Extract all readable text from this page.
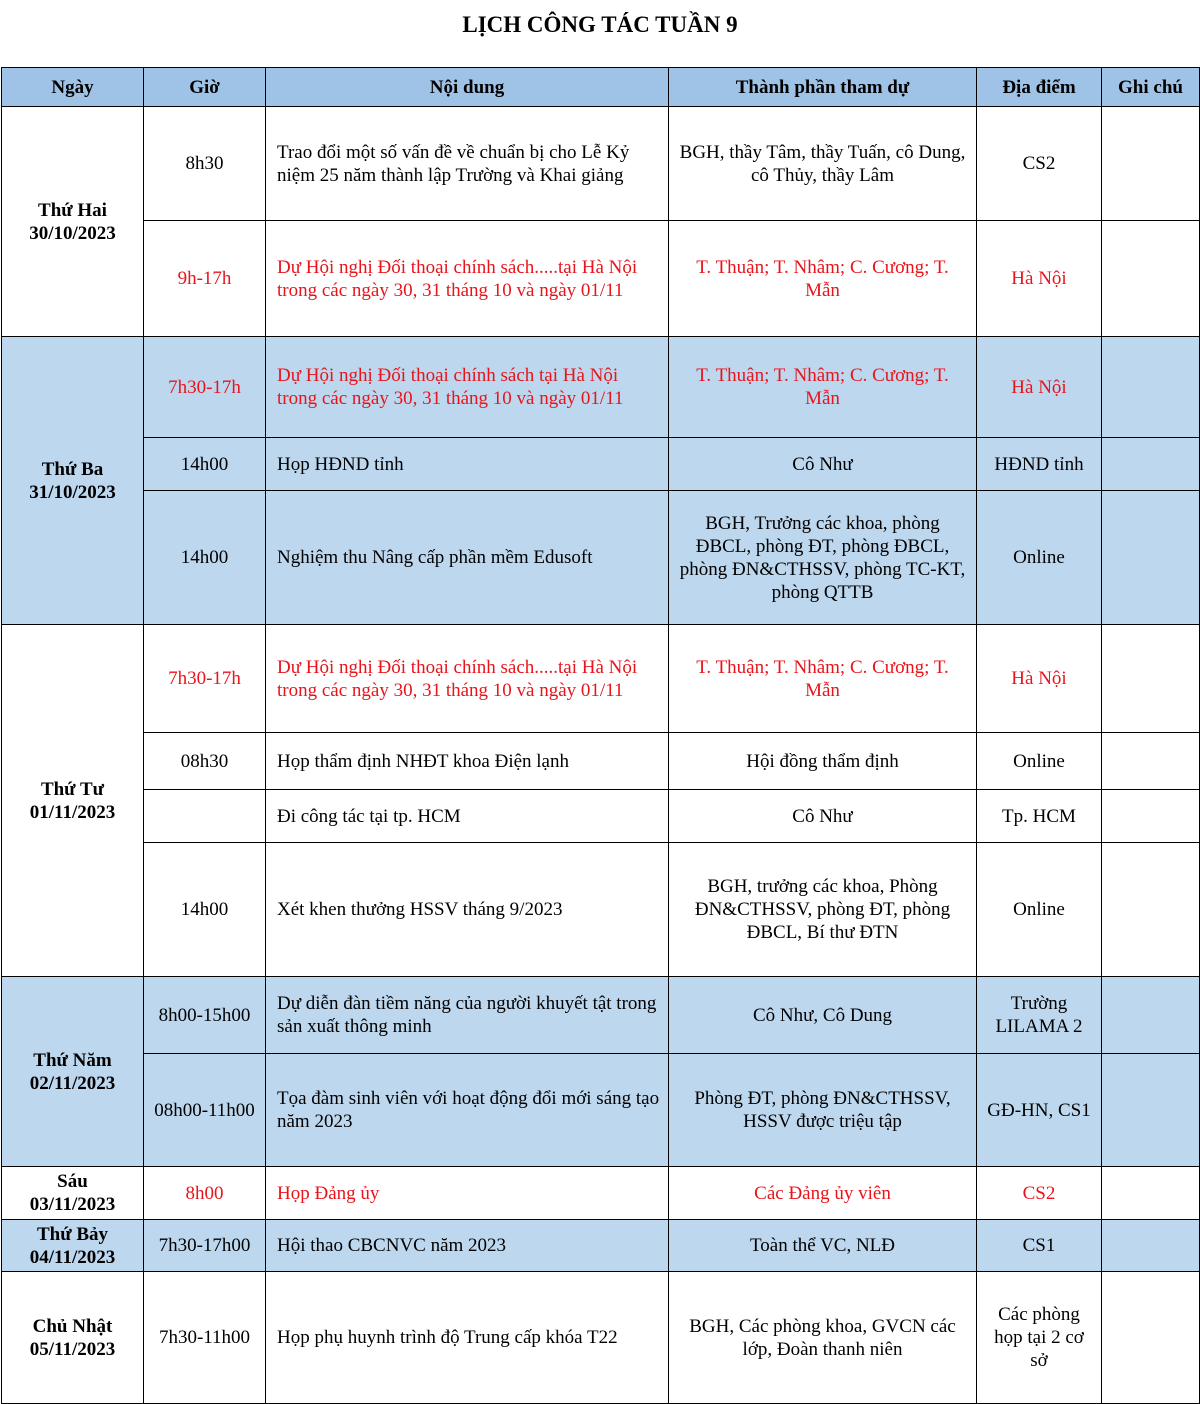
LỊCH CÔNG TÁC TUẦN 9
Ngày	Giờ	Nội dung	Thành phần tham dự	Địa điểm	Ghi chú

Thứ Hai
30/10/2023	8h30	Trao đổi một số vấn đề về chuẩn bị cho Lễ Kỷ niệm 25 năm thành lập Trường và Khai giảng	BGH, thầy Tâm, thầy Tuấn, cô Dung, cô Thủy, thầy Lâm	CS2	
	9h-17h	Dự Hội nghị Đối thoại chính sách.....tại Hà Nội trong các ngày 30, 31 tháng 10 và ngày 01/11	T. Thuận; T. Nhâm; C. Cương; T. Mẫn	Hà Nội	

Thứ Ba
31/10/2023	7h30-17h	Dự Hội nghị Đối thoại chính sách tại Hà Nội trong các ngày 30, 31 tháng 10 và ngày 01/11	T. Thuận; T. Nhâm; C. Cương; T. Mẫn	Hà Nội	
	14h00	Họp HĐND tỉnh	Cô Như	HĐND tỉnh	
	14h00	Nghiệm thu Nâng cấp phần mềm Edusoft	BGH, Trưởng các khoa, phòng ĐBCL, phòng ĐT, phòng ĐBCL, phòng ĐN&CTHSSV, phòng TC-KT, phòng QTTB	Online	

Thứ Tư
01/11/2023	7h30-17h	Dự Hội nghị Đối thoại chính sách.....tại Hà Nội trong các ngày 30, 31 tháng 10 và ngày 01/11	T. Thuận; T. Nhâm; C. Cương; T. Mẫn	Hà Nội	
	08h30	Họp thẩm định NHĐT khoa Điện lạnh	Hội đồng thẩm định	Online	
		Đi công tác tại tp. HCM	Cô Như	Tp. HCM	
	14h00	Xét khen thưởng HSSV tháng 9/2023	BGH, trưởng các khoa, Phòng ĐN&CTHSSV, phòng ĐT, phòng ĐBCL, Bí thư ĐTN	Online	

Thứ Năm
02/11/2023	8h00-15h00	Dự diễn đàn tiềm năng của người khuyết tật trong sản xuất thông minh	Cô Như, Cô Dung	Trường LILAMA 2	
	08h00-11h00	Tọa đàm sinh viên với hoạt động đổi mới sáng tạo năm 2023	Phòng ĐT, phòng ĐN&CTHSSV, HSSV được triệu tập	GĐ-HN, CS1	

Sáu
03/11/2023	8h00	Họp Đảng ủy	Các Đảng ủy viên	CS2	

Thứ Bảy
04/11/2023	7h30-17h00	Hội thao CBCNVC năm 2023	Toàn thể VC, NLĐ	CS1	

Chủ Nhật
05/11/2023	7h30-11h00	Họp phụ huynh trình độ Trung cấp khóa T22	BGH, Các phòng khoa, GVCN các lớp, Đoàn thanh niên	Các phòng họp tại 2 cơ sở	
